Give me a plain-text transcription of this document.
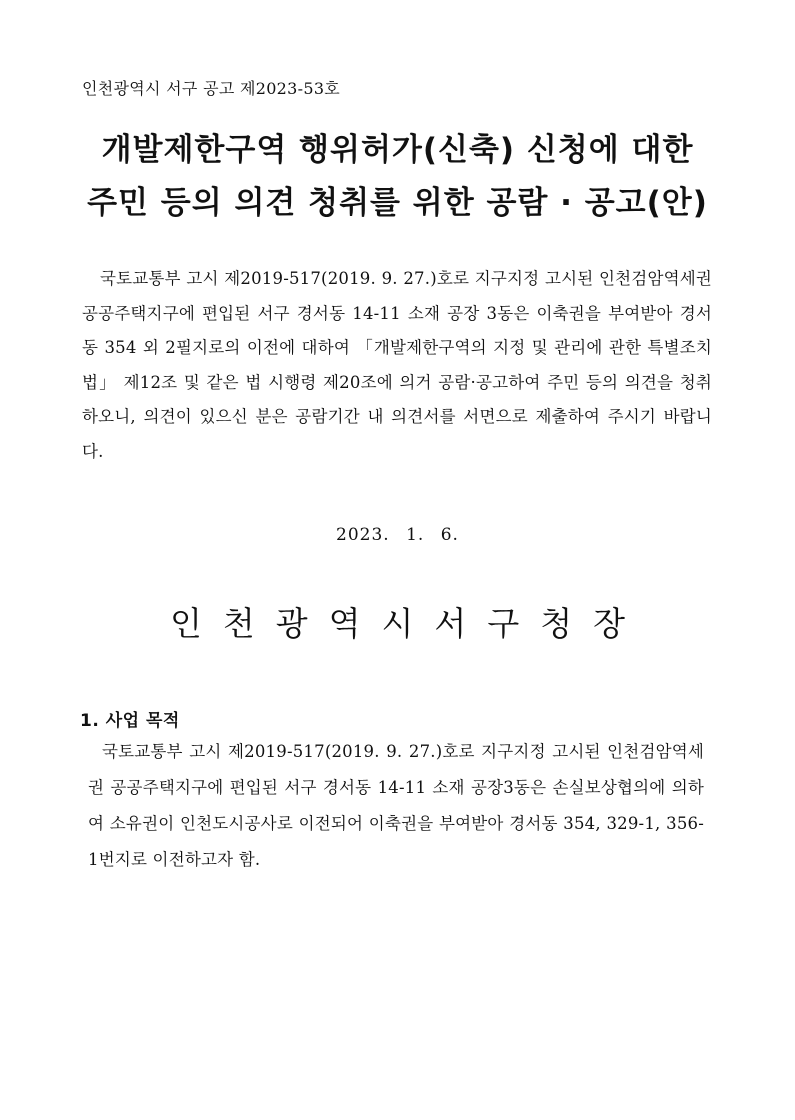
인천광역시 서구 공고 제2023-53호
개발제한구역 행위허가(신축) 신청에 대한
주민 등의 의견 청취를 위한 공람 · 공고(안)

국토교통부 고시 제2019-517(2019. 9. 27.)호로 지구지정 고시된 인천검암역세권 공공주택지구에 편입된 서구 경서동 14-11 소재 공장 3동은 이축권을 부여받아 경서동 354 외 2필지로의 이전에 대하여 「개발제한구역의 지정 및 관리에 관한 특별조치법」 제12조 및 같은 법 시행령 제20조에 의거 공람·공고하여 주민 등의 의견을 청취하오니, 의견이 있으신 분은 공람기간 내 의견서를 서면으로 제출하여 주시기 바랍니다.

2023. 1. 6.
인천광역시서구청장
1. 사업 목적

국토교통부 고시 제2019-517(2019. 9. 27.)호로 지구지정 고시된 인천검암역세권 공공주택지구에 편입된 서구 경서동 14-11 소재 공장3동은 손실보상협의에 의하여 소유권이 인천도시공사로 이전되어 이축권을 부여받아 경서동 354, 329-1, 356-1번지로 이전하고자 함.
